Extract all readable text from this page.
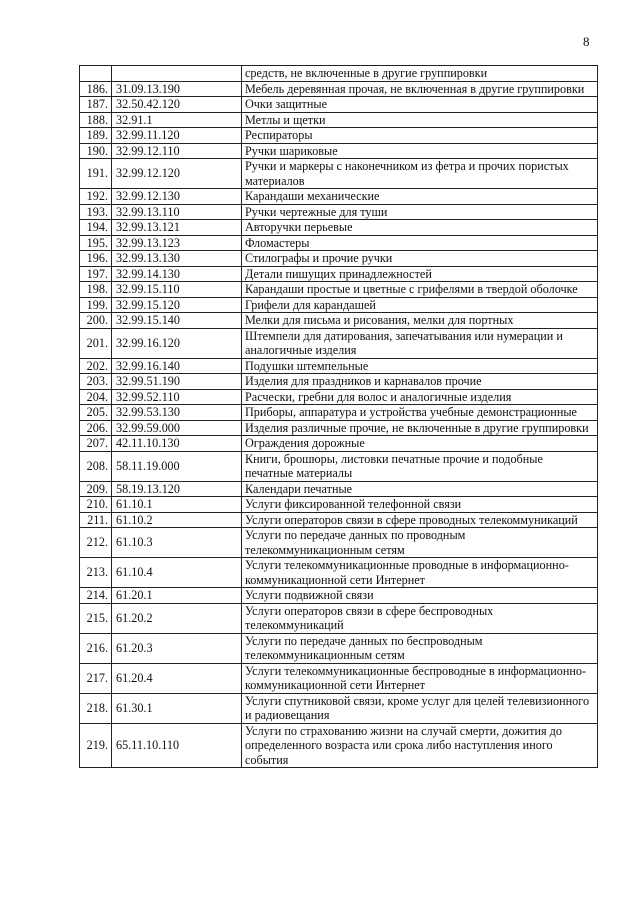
8
		средств, не включенные в другие группировки
186.	31.09.13.190	Мебель деревянная прочая, не включенная в другие группировки
187.	32.50.42.120	Очки защитные
188.	32.91.1	Метлы и щетки
189.	32.99.11.120	Респираторы
190.	32.99.12.110	Ручки шариковые
191.	32.99.12.120	Ручки и маркеры с наконечником из фетра и прочих пористых материалов
192.	32.99.12.130	Карандаши механические
193.	32.99.13.110	Ручки чертежные для туши
194.	32.99.13.121	Авторучки перьевые
195.	32.99.13.123	Фломастеры
196.	32.99.13.130	Стилографы и прочие ручки
197.	32.99.14.130	Детали пишущих принадлежностей
198.	32.99.15.110	Карандаши простые и цветные с грифелями в твердой оболочке
199.	32.99.15.120	Грифели для карандашей
200.	32.99.15.140	Мелки для письма и рисования, мелки для портных
201.	32.99.16.120	Штемпели для датирования, запечатывания или нумерации и аналогичные изделия
202.	32.99.16.140	Подушки штемпельные
203.	32.99.51.190	Изделия для праздников и карнавалов прочие
204.	32.99.52.110	Расчески, гребни для волос и аналогичные изделия
205.	32.99.53.130	Приборы, аппаратура и устройства учебные демонстрационные
206.	32.99.59.000	Изделия различные прочие, не включенные в другие группировки
207.	42.11.10.130	Ограждения дорожные
208.	58.11.19.000	Книги, брошюры, листовки печатные прочие и подобные печатные материалы
209.	58.19.13.120	Календари печатные
210.	61.10.1	Услуги фиксированной телефонной связи
211.	61.10.2	Услуги операторов связи в сфере проводных телекоммуникаций
212.	61.10.3	Услуги по передаче данных по проводным телекоммуникационным сетям
213.	61.10.4	Услуги телекоммуникационные проводные в информационно-коммуникационной сети Интернет
214.	61.20.1	Услуги подвижной связи
215.	61.20.2	Услуги операторов связи в сфере беспроводных телекоммуникаций
216.	61.20.3	Услуги по передаче данных по беспроводным телекоммуникационным сетям
217.	61.20.4	Услуги телекоммуникационные беспроводные в информационно-коммуникационной сети Интернет
218.	61.30.1	Услуги спутниковой связи, кроме услуг для целей телевизионного и радиовещания
219.	65.11.10.110	Услуги по страхованию жизни на случай смерти, дожития до определенного возраста или срока либо наступления иного события
